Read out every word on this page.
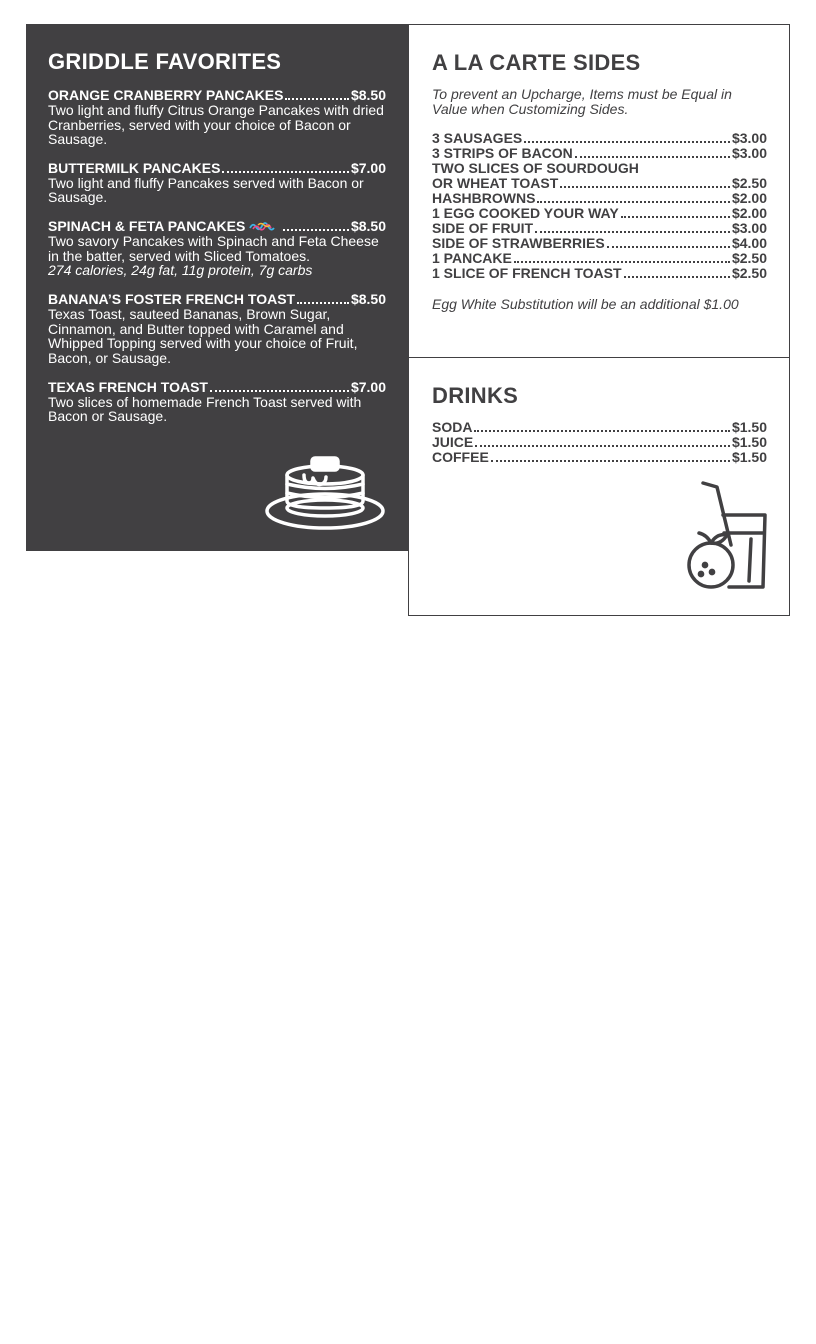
GRIDDLE FAVORITES
ORANGE CRANBERRY PANCAKES	$8.50
Two light and fluffy Citrus Orange Pancakes with dried Cranberries, served with your choice of Bacon or Sausage.
BUTTERMILK PANCAKES	$7.00
Two light and fluffy Pancakes served with Bacon or Sausage.
SPINACH & FETA PANCAKES	$8.50
Two savory Pancakes with Spinach and Feta Cheese in the batter, served with Sliced Tomatoes.
274 calories, 24g fat, 11g protein, 7g carbs
BANANA’S FOSTER FRENCH TOAST	$8.50
Texas Toast, sauteed Bananas, Brown Sugar, Cinnamon, and Butter topped with Caramel and Whipped Topping served with your choice of Fruit, Bacon, or Sausage.
TEXAS FRENCH TOAST	$7.00
Two slices of homemade French Toast served with Bacon or Sausage.
A LA CARTE SIDES
To prevent an Upcharge, Items must be Equal in Value when Customizing Sides.
3 SAUSAGES	$3.00
3 STRIPS OF BACON	$3.00
TWO SLICES OF SOURDOUGH
OR WHEAT TOAST	$2.50
HASHBROWNS	$2.00
1 EGG COOKED YOUR WAY	$2.00
SIDE OF FRUIT	$3.00
SIDE OF STRAWBERRIES	$4.00
1 PANCAKE	$2.50
1 SLICE OF FRENCH TOAST	$2.50
Egg White Substitution will be an additional $1.00
DRINKS
SODA	$1.50
JUICE	$1.50
COFFEE	$1.50
